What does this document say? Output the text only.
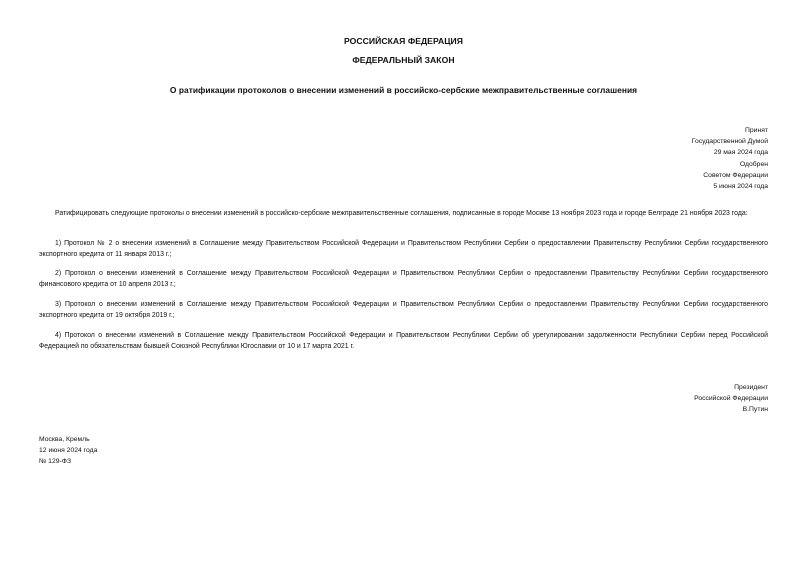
РОССИЙСКАЯ ФЕДЕРАЦИЯ
ФЕДЕРАЛЬНЫЙ ЗАКОН
О ратификации протоколов о внесении изменений в российско-сербские межправительственные соглашения
Принят
Государственной Думой
29 мая 2024 года
Одобрен
Советом Федерации
5 июня 2024 года
Ратифицировать следующие протоколы о внесении изменений в российско-сербские межправительственные соглашения, подписанные в городе Москве 13 ноября 2023 года и городе Белграде 21 ноября 2023 года:
1) Протокол № 2 о внесении изменений в Соглашение между Правительством Российской Федерации и Правительством Республики Сербии о предоставлении Правительству Республики Сербии государственного экспортного кредита от 11 января 2013 г.;
2) Протокол о внесении изменений в Соглашение между Правительством Российской Федерации и Правительством Республики Сербии о предоставлении Правительству Республики Сербии государственного финансового кредита от 10 апреля 2013 г.;
3) Протокол о внесении изменений в Соглашение между Правительством Российской Федерации и Правительством Республики Сербии о предоставлении Правительству Республики Сербии государственного экспортного кредита от 19 октября 2019 г.;
4) Протокол о внесении изменений в Соглашение между Правительством Российской Федерации и Правительством Республики Сербии об урегулировании задолженности Республики Сербии перед Российской Федерацией по обязательствам бывшей Союзной Республики Югославии от 10 и 17 марта 2021 г.
Президент
Российской Федерации
В.Путин
Москва, Кремль
12 июня 2024 года
№ 129-ФЗ
